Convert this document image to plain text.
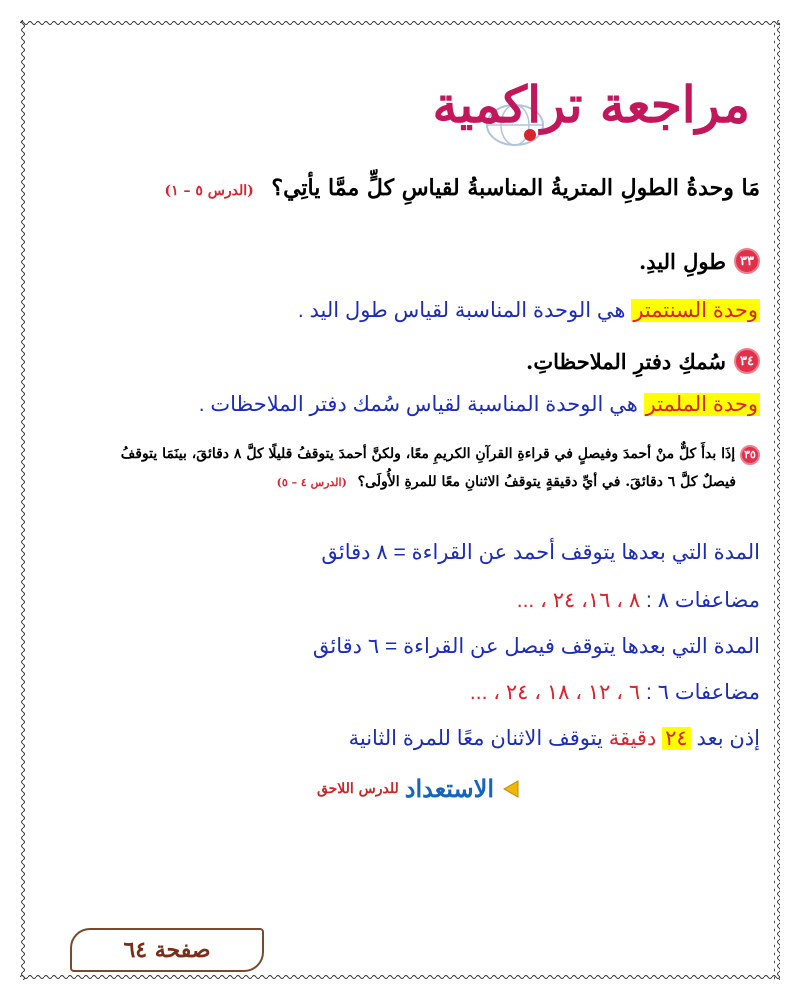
مراجعة تراكمية
مَا وحدةُ الطولِ المتريةُ المناسبةُ لقياسِ كلٍّ ممَّا يأتِي؟ (الدرس ٥ – ١)
٣٣
طولِ اليدِ.
وحدة السنتمتر هي الوحدة المناسبة لقياس طول اليد .
٣٤
سُمكِ دفترِ الملاحظاتِ.
وحدة الملمتر هي الوحدة المناسبة لقياس سُمك دفتر الملاحظات .
٣٥ إذَا بدأَ كلٌّ منْ أحمدَ وفيصلٍ في قراءةِ القرآنِ الكريمِ معًا، ولكنَّ أحمدَ يتوقفُ قليلًا كلَّ ٨ دقائقَ، بينَمَا يتوقفُ
فيصلٌ كلَّ ٦ دقائقَ. في أيِّ دقيقةٍ يتوقفُ الاثنانِ معًا للمرةِ الأُولَى؟ (الدرس ٤ – ٥)
المدة التي بعدها يتوقف أحمد عن القراءة = ٨ دقائق
مضاعفات ٨ : ٨ ، ١٦، ٢٤ ، ...
المدة التي بعدها يتوقف فيصل عن القراءة = ٦ دقائق
مضاعفات ٦ : ٦ ، ١٢ ، ١٨ ، ٢٤ ، ...
إذن بعد ٢٤ دقيقة يتوقف الاثنان معًا للمرة الثانية
الاستعداد
للدرس اللاحق
صفحة ٦٤
